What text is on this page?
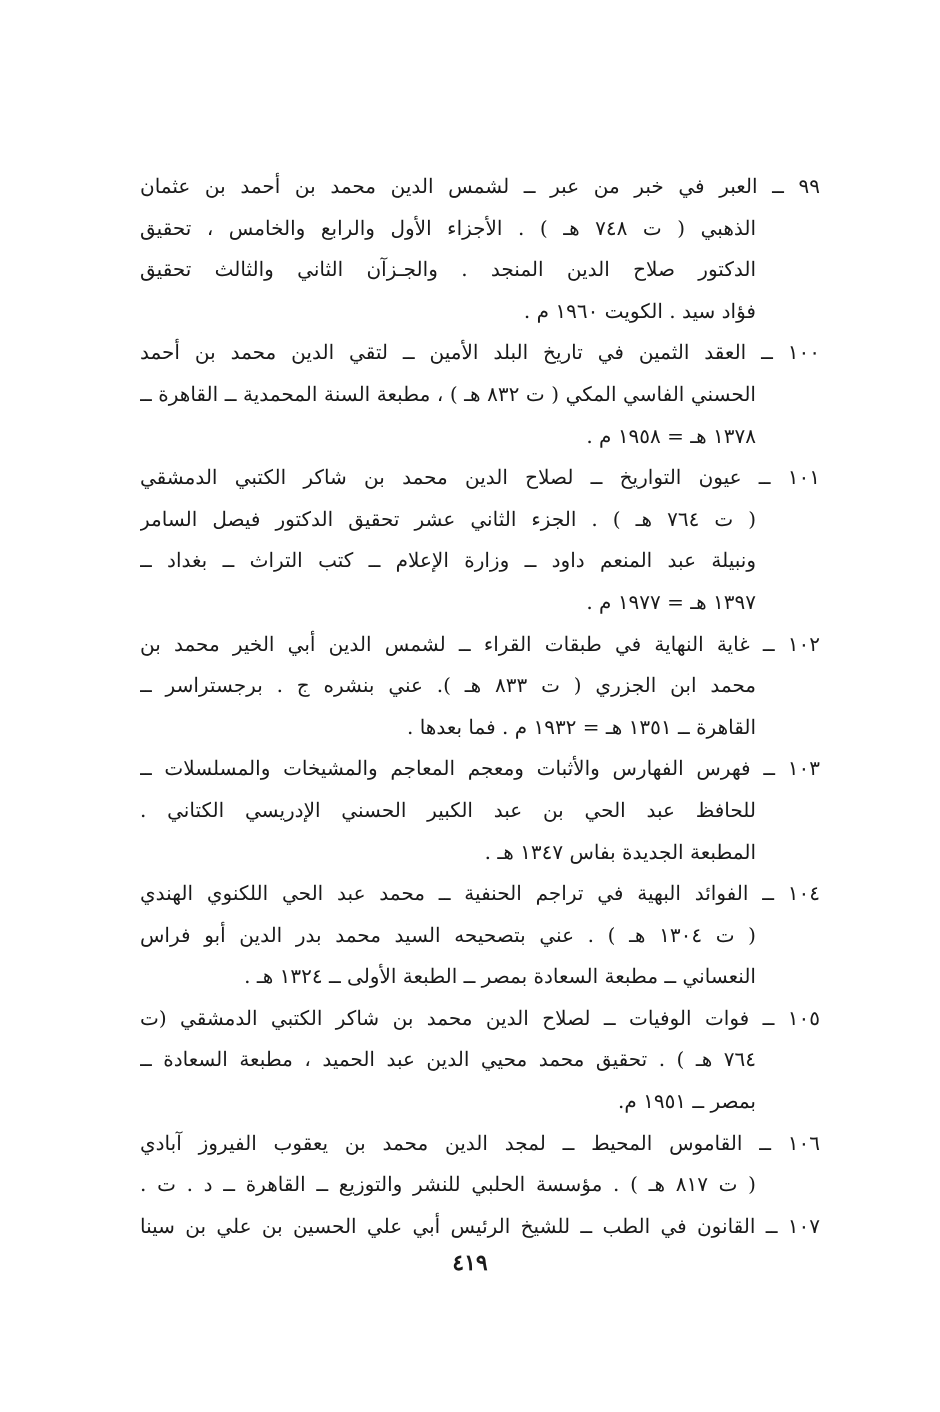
٩٩ ــ العبر في خبر من عبر ــ لشمس الدين محمد بن أحمد بن عثمان
الذهبي ( ت ٧٤٨ هـ ) . الأجزاء الأول والرابع والخامس ، تحقيق
الدكتور صلاح الدين المنجد . والجـزآن الثاني والثالث تحقيق
فؤاد سيد . الكويت ١٩٦٠ م .
١٠٠ ــ العقد الثمين في تاريخ البلد الأمين ــ لتقي الدين محمد بن أحمد
الحسني الفاسي المكي ( ت ٨٣٢ هـ ) ، مطبعة السنة المحمدية ــ القاهرة ــ
١٣٧٨ هـ = ١٩٥٨ م .
١٠١ ــ عيون التواريخ ــ لصلاح الدين محمد بن شاكر الكتبي الدمشقي
( ت ٧٦٤ هـ ) . الجزء الثاني عشر تحقيق الدكتور فيصل السامر
ونبيلة عبد المنعم داود ــ وزارة الإعلام ــ كتب التراث ــ بغداد ــ
١٣٩٧ هـ = ١٩٧٧ م .
١٠٢ ــ غاية النهاية في طبقات القراء ــ لشمس الدين أبي الخير محمد بن
محمد ابن الجزري ( ت ٨٣٣ هـ ). عني بنشره ج . برجستراسر ــ
القاهرة ــ ١٣٥١ هـ = ١٩٣٢ م . فما بعدها .
١٠٣ ــ فهرس الفهارس والأثبات ومعجم المعاجم والمشيخات والمسلسلات ــ
للحافظ عبد الحي بن عبد الكبير الحسني الإدريسي الكتاني .
المطبعة الجديدة بفاس ١٣٤٧ هـ .
١٠٤ ــ الفوائد البهية في تراجم الحنفية ــ محمد عبد الحي اللكنوي الهندي
( ت ١٣٠٤ هـ ) . عني بتصحيحه السيد محمد بدر الدين أبو فراس
النعساني ــ مطبعة السعادة بمصر ــ الطبعة الأولى ــ ١٣٢٤ هـ .
١٠٥ ــ فوات الوفيات ــ لصلاح الدين محمد بن شاكر الكتبي الدمشقي (ت
٧٦٤ هـ ) . تحقيق محمد محيي الدين عبد الحميد ، مطبعة السعادة ــ
بمصر ــ ١٩٥١ م.
١٠٦ ــ القاموس المحيط ــ لمجد الدين محمد بن يعقوب الفيروز آبادي
( ت ٨١٧ هـ ) . مؤسسة الحلبي للنشر والتوزيع ــ القاهرة ــ د . ت .
١٠٧ ــ القانون في الطب ــ للشيخ الرئيس أبي علي الحسين بن علي بن سينا
٤١٩
